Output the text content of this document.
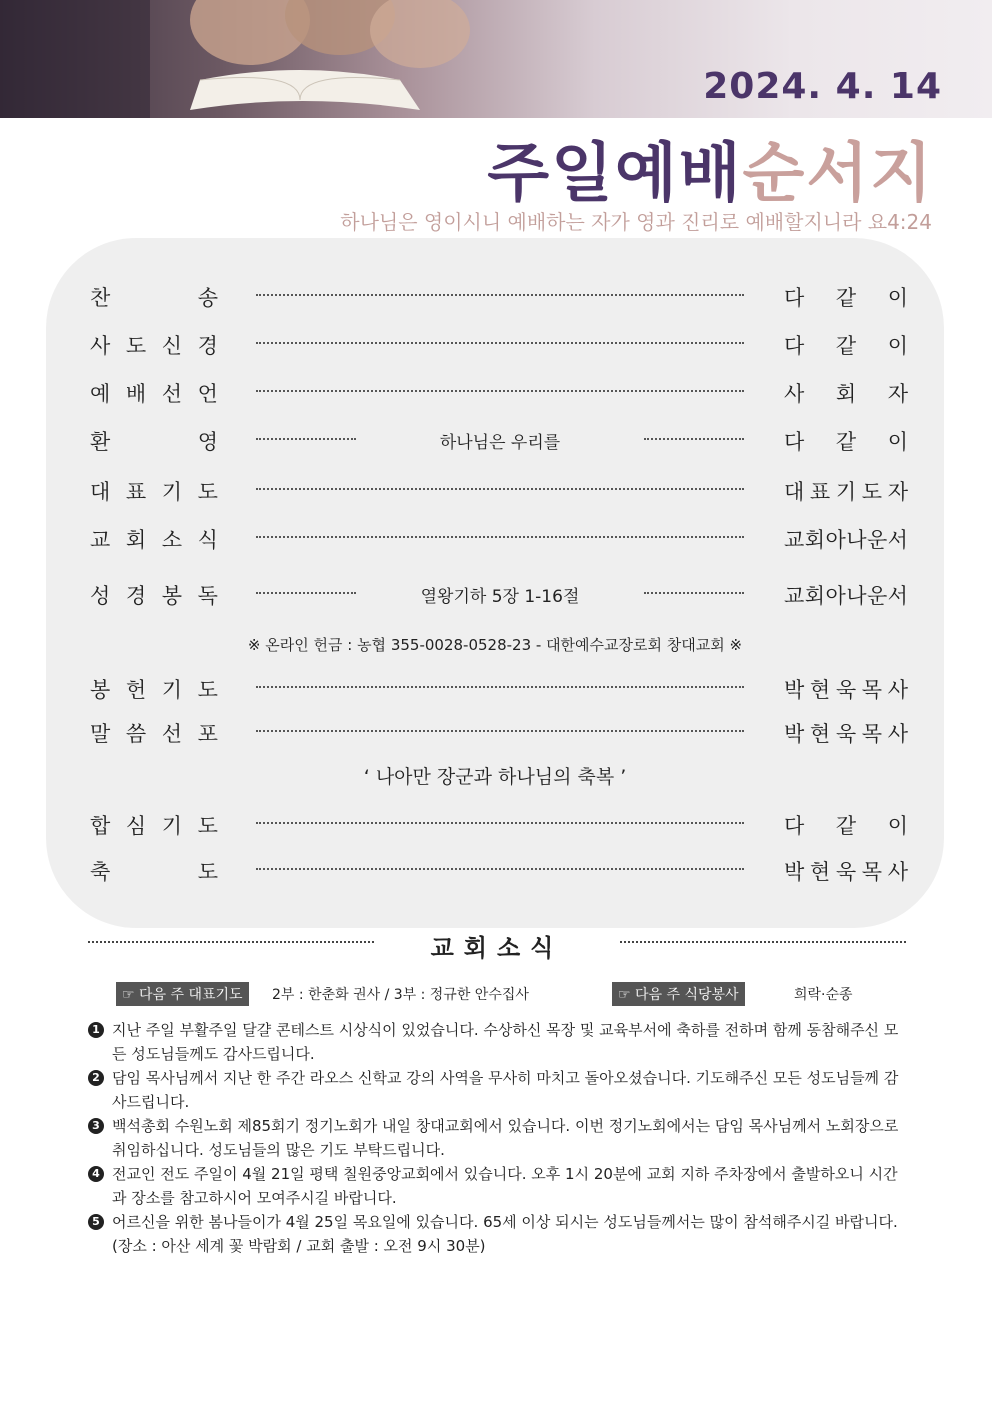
2024. 4. 14
주일예배순서지
하나님은 영이시니 예배하는 자가 영과 진리로 예배할지니라 요4:24
찬	송	다 같 이
사 도 신 경	다 같 이
예 배 선 언	사 회 자
환	영	하나님은 우리를	다 같 이
대 표 기 도	대 표 기 도 자
교 회 소 식	교 회 아 나 운 서
성 경 봉 독	열왕기하 5장 1-16절	교 회 아 나 운 서
※ 온라인 헌금 : 농협 355-0028-0528-23 - 대한예수교장로회 창대교회 ※
봉 헌 기 도	박 현 욱 목 사
말 씀 선 포	박 현 욱 목 사
‘ 나아만 장군과 하나님의 축복 ’
합 심 기 도	다 같 이
축	도	박 현 욱 목 사
교회소식
☞ 다음 주 대표기도	2부 : 한춘화 권사 / 3부 : 정규한 안수집사	☞ 다음 주 식당봉사	희락·순종
1 지난 주일 부활주일 달걀 콘테스트 시상식이 있었습니다. 수상하신 목장 및 교육부서에 축하를 전하며 함께 동참해주신 모든 성도님들께도 감사드립니다.
2 담임 목사님께서 지난 한 주간 라오스 신학교 강의 사역을 무사히 마치고 돌아오셨습니다. 기도해주신 모든 성도님들께 감사드립니다.
3 백석총회 수원노회 제85회기 정기노회가 내일 창대교회에서 있습니다. 이번 정기노회에서는 담임 목사님께서 노회장으로 취임하십니다. 성도님들의 많은 기도 부탁드립니다.
4 전교인 전도 주일이 4월 21일 평택 칠원중앙교회에서 있습니다. 오후 1시 20분에 교회 지하 주차장에서 출발하오니 시간과 장소를 참고하시어 모여주시길 바랍니다.
5 어르신을 위한 봄나들이가 4월 25일 목요일에 있습니다. 65세 이상 되시는 성도님들께서는 많이 참석해주시길 바랍니다. (장소 : 아산 세계 꽃 박람회 / 교회 출발 : 오전 9시 30분)
